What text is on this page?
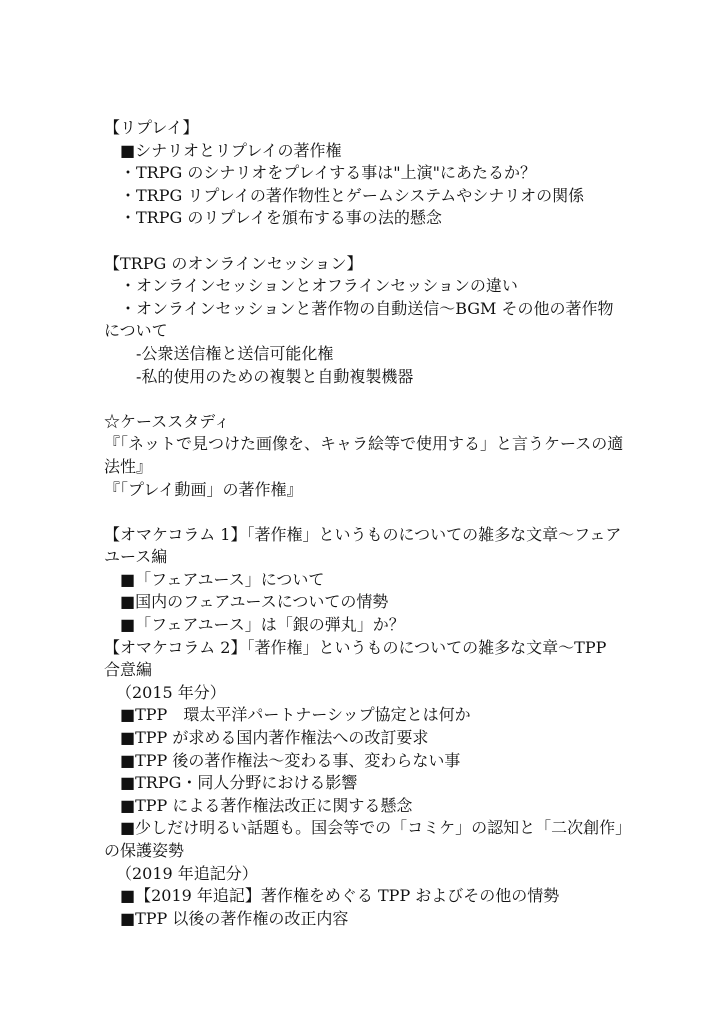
【リプレイ】

■シナリオとリプレイの著作権

・TRPG のシナリオをプレイする事は"上演"にあたるか？

・TRPG リプレイの著作物性とゲームシステムやシナリオの関係

・TRPG のリプレイを頒布する事の法的懸念

【TRPG のオンラインセッション】

・オンラインセッションとオフラインセッションの違い

・オンラインセッションと著作物の自動送信～BGM その他の著作物について

-公衆送信権と送信可能化権

-私的使用のための複製と自動複製機器

☆ケーススタディ

『「ネットで見つけた画像を、キャラ絵等で使用する」と言うケースの適法性』

『「プレイ動画」の著作権』

【オマケコラム 1】「著作権」というものについての雑多な文章～フェアユース編

■「フェアユース」について

■国内のフェアユースについての情勢

■「フェアユース」は「銀の弾丸」か？

【オマケコラム 2】「著作権」というものについての雑多な文章～TPP 合意編

（2015 年分）

■TPP　環太平洋パートナーシップ協定とは何か

■TPP が求める国内著作権法への改訂要求

■TPP 後の著作権法～変わる事、変わらない事

■TRPG・同人分野における影響

■TPP による著作権法改正に関する懸念

■少しだけ明るい話題も。国会等での「コミケ」の認知と「二次創作」の保護姿勢

（2019 年追記分）

■【2019 年追記】著作権をめぐる TPP およびその他の情勢

■TPP 以後の著作権の改正内容
